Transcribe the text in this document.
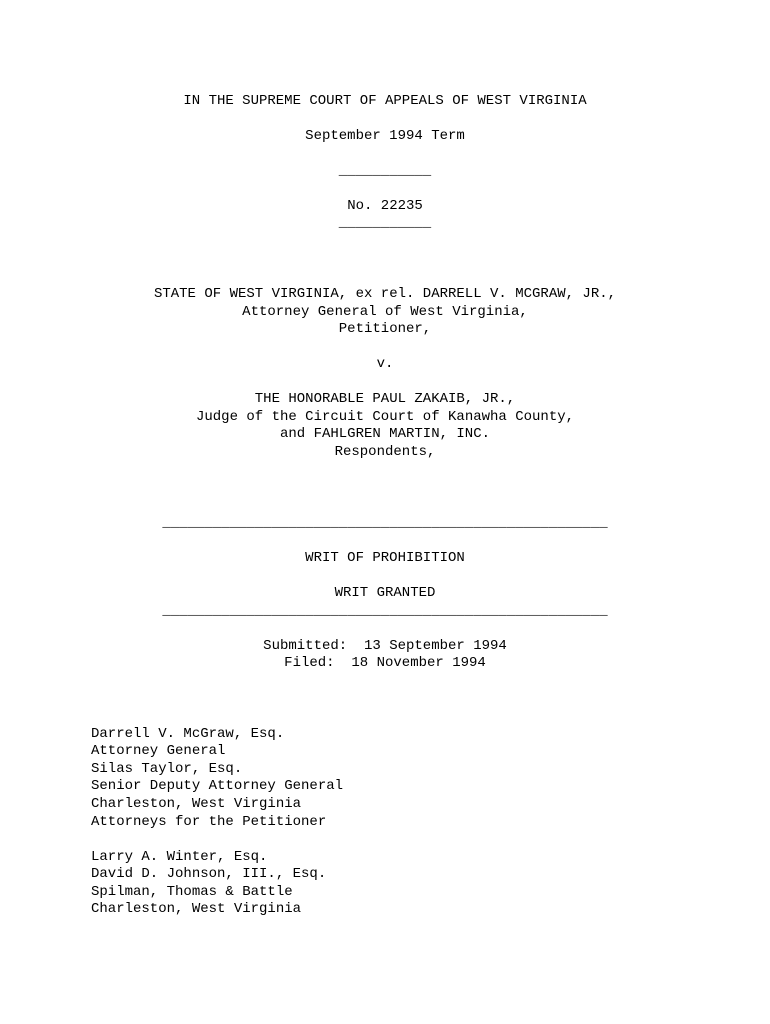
IN THE SUPREME COURT OF APPEALS OF WEST VIRGINIA
September 1994 Term
___________
No. 22235
___________
STATE OF WEST VIRGINIA, ex rel. DARRELL V. MCGRAW, JR.,
Attorney General of West Virginia,
Petitioner,
v.
THE HONORABLE PAUL ZAKAIB, JR.,
Judge of the Circuit Court of Kanawha County,
and FAHLGREN MARTIN, INC.
Respondents,
_____________________________________________________
WRIT OF PROHIBITION
WRIT GRANTED
_____________________________________________________
Submitted:  13 September 1994
Filed:  18 November 1994
Darrell V. McGraw, Esq.
Attorney General
Silas Taylor, Esq.
Senior Deputy Attorney General
Charleston, West Virginia
Attorneys for the Petitioner
Larry A. Winter, Esq.
David D. Johnson, III., Esq.
Spilman, Thomas & Battle
Charleston, West Virginia
